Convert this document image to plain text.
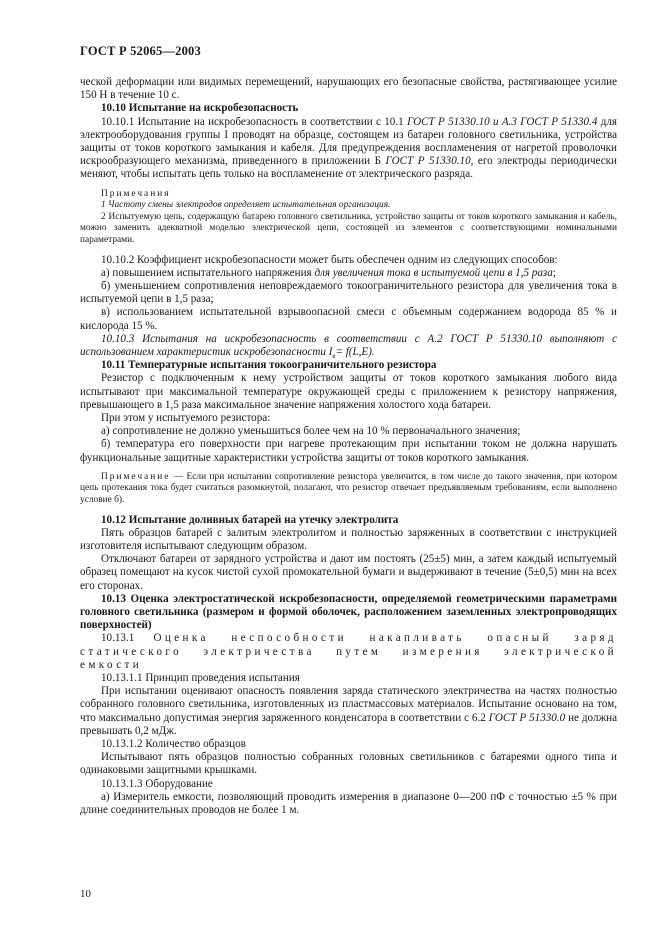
ГОСТ Р 52065—2003

ческой деформации или видимых перемещений, нарушающих его безопасные свойства, растягивающее усилие 150 Н в течение 10 с.

10.10 Испытание на искробезопасность

10.10.1 Испытание на искробезопасность в соответствии с 10.1 ГОСТ Р 51330.10 и А.3 ГОСТ Р 51330.4 для электрооборудования группы I проводят на образце, состоящем из батареи головного светильника, устройства защиты от токов короткого замыкания и кабеля. Для предупреждения воспламенения от нагретой проволочки искрообразующего механизма, приведенного в приложении Б ГОСТ Р 51330.10, его электроды периодически меняют, чтобы испытать цепь только на воспламенение от электрического разряда.

Примечания

1 Частоту смены электродов определяет испытательная организация.

2 Испытуемую цепь, содержащую батарею головного светильника, устройство защиты от токов короткого замыкания и кабель, можно заменить адекватной моделью электрической цепи, состоящей из элементов с соответствующими номинальными параметрами.

10.10.2 Коэффициент искробезопасности может быть обеспечен одним из следующих способов:

а) повышением испытательного напряжения для увеличения тока в испытуемой цепи в 1,5 раза;

б) уменьшением сопротивления неповреждаемого токоограничительного резистора для увеличения тока в испытуемой цепи в 1,5 раза;

в) использованием испытательной взрывоопасной смеси с объемным содержанием водорода 85 % и кислорода 15 %.

10.10.3 Испытания на искробезопасность в соответствии с А.2 ГОСТ Р 51330.10 выполняют с использованием характеристик искробезопасности $I_в= f(L,E)$.

10.11 Температурные испытания токоограничительного резистора

Резистор с подключенным к нему устройством защиты от токов короткого замыкания любого вида испытывают при максимальной температуре окружающей среды с приложением к резистору напряжения, превышающего в 1,5 раза максимальное значение напряжения холостого хода батареи.

При этом у испытуемого резистора:

а) сопротивление не должно уменьшиться более чем на 10 % первоначального значения;

б) температура его поверхности при нагреве протекающим при испытании током не должна нарушать функциональные защитные характеристики устройства защиты от токов короткого замыкания.

Примечание — Если при испытании сопротивление резистора увеличится, в том числе до такого значения, при котором цепь протекания тока будет считаться разомкнутой, полагают, что резистор отвечает предъявляемым требованиям, если выполнено условие б).

10.12 Испытание доливных батарей на утечку электролита

Пять образцов батарей с залитым электролитом и полностью заряженных в соответствии с инструкцией изготовителя испытывают следующим образом.

Отключают батареи от зарядного устройства и дают им постоять (25±5) мин, а затем каждый испытуемый образец помещают на кусок чистой сухой промокательной бумаги и выдерживают в течение (5±0,5) мин на всех его сторонах.

10.13 Оценка электростатической искробезопасности, определяемой геометрическими параметрами головного светильника (размером и формой оболочек, расположением заземленных электропроводящих поверхностей)

10.13.1 Оценка неспособности накапливать опасный заряд статического электричества путем измерения электрической емкости

10.13.1.1 Принцип проведения испытания

При испытании оценивают опасность появления заряда статического электричества на частях полностью собранного головного светильника, изготовленных из пластмассовых материалов. Испытание основано на том, что максимально допустимая энергия заряженного конденсатора в соответствии с 6.2 ГОСТ Р 51330.0 не должна превышать 0,2 мДж.

10.13.1.2 Количество образцов

Испытывают пять образцов полностью собранных головных светильников с батареями одного типа и одинаковыми защитными крышками.

10.13.1.3 Оборудование

а) Измеритель емкости, позволяющий проводить измерения в диапазоне 0—200 пФ с точностью ±5 % при длине соединительных проводов не более 1 м.

10
